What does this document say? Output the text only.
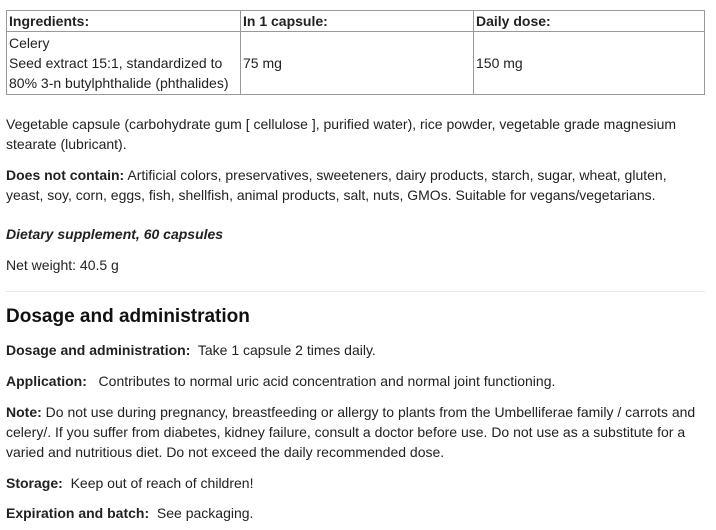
Ingredients:	In 1 capsule:	Daily dose:

Celery
Seed extract 15:1, standardized to
80% 3-n butylphthalide (phthalides)	75 mg	150 mg

Vegetable capsule (carbohydrate gum [ cellulose ], purified water), rice powder, vegetable grade magnesium stearate (lubricant).

Does not contain: Artificial colors, preservatives, sweeteners, dairy products, starch, sugar, wheat, gluten, yeast, soy, corn, eggs, fish, shellfish, animal products, salt, nuts, GMOs. Suitable for vegans/vegetarians.

Dietary supplement, 60 capsules

Net weight: 40.5 g

Dosage and administration

Dosage and administration:  Take 1 capsule 2 times daily.

Application:   Contributes to normal uric acid concentration and normal joint functioning.

Note: Do not use during pregnancy, breastfeeding or allergy to plants from the Umbelliferae family / carrots and celery/. If you suffer from diabetes, kidney failure, consult a doctor before use. Do not use as a substitute for a varied and nutritious diet. Do not exceed the daily recommended dose.

Storage:  Keep out of reach of children!

Expiration and batch:  See packaging.
